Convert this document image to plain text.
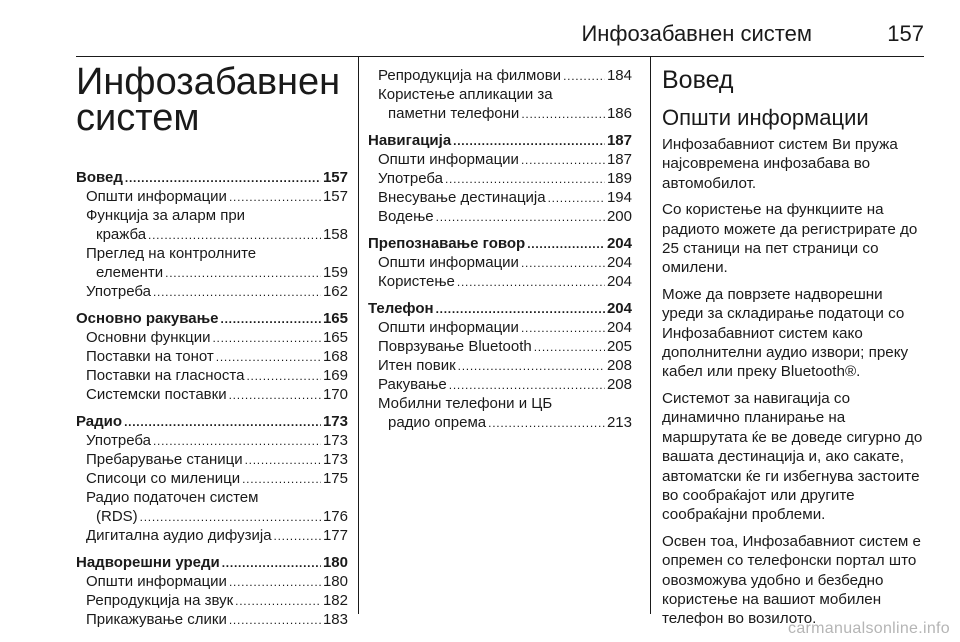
Инфозабавнен систем	157
Инфозабавнен
систем
Вовед . . .	157
Општи информации . . .	157
Функција за аларм при
кражба . . .	158
Преглед на контролните
елементи . . .	159
Употреба . . .	162
Основно ракување . . .	165
Основни функции . . .	165
Поставки на тонот . . .	168
Поставки на гласноста . . .	169
Системски поставки . . .	170
Радио . . .	173
Употреба . . .	173
Пребарување станици . . .	173
Списоци со миленици . . .	175
Радио податочен систем
(RDS) . . .	176
Дигитална аудио дифузија . . .	177
Надворешни уреди . . .	180
Општи информации . . .	180
Репродукција на звук . . .	182
Прикажување слики . . .	183
Репродукција на филмови . . .	184
Користење апликации за
паметни телефони . . .	186
Навигација . . .	187
Општи информации . . .	187
Употреба . . .	189
Внесување дестинација . . .	194
Водење . . .	200
Препознавање говор . . .	204
Општи информации . . .	204
Користење . . .	204
Телефон . . .	204
Општи информации . . .	204
Поврзување Bluetooth . . .	205
Итен повик . . .	208
Ракување . . .	208
Мобилни телефони и ЦБ
радио опрема . . .	213
Вовед
Општи информации

Инфозабавниот систем Ви пружа најсовремена инфозабава во автомобилот.

Со користење на функциите на радиото можете да регистрирате до 25 станици на пет страници со омилени.

Може да поврзете надворешни уреди за складирање податоци со Инфозабавниот систем како дополнителни аудио извори; преку кабел или преку Bluetooth®.

Системот за навигација со динамично планирање на маршрутата ќе ве доведе сигурно до вашата дестинација и, ако сакате, автоматски ќе ги избегнува застоите во сообраќајот или другите сообраќајни проблеми.

Освен тоа, Инфозабавниот систем е опремен со телефонски портал што овозможува удобно и безбедно користење на вашиот мобилен телефон во возилото.

carmanualsonline.info
